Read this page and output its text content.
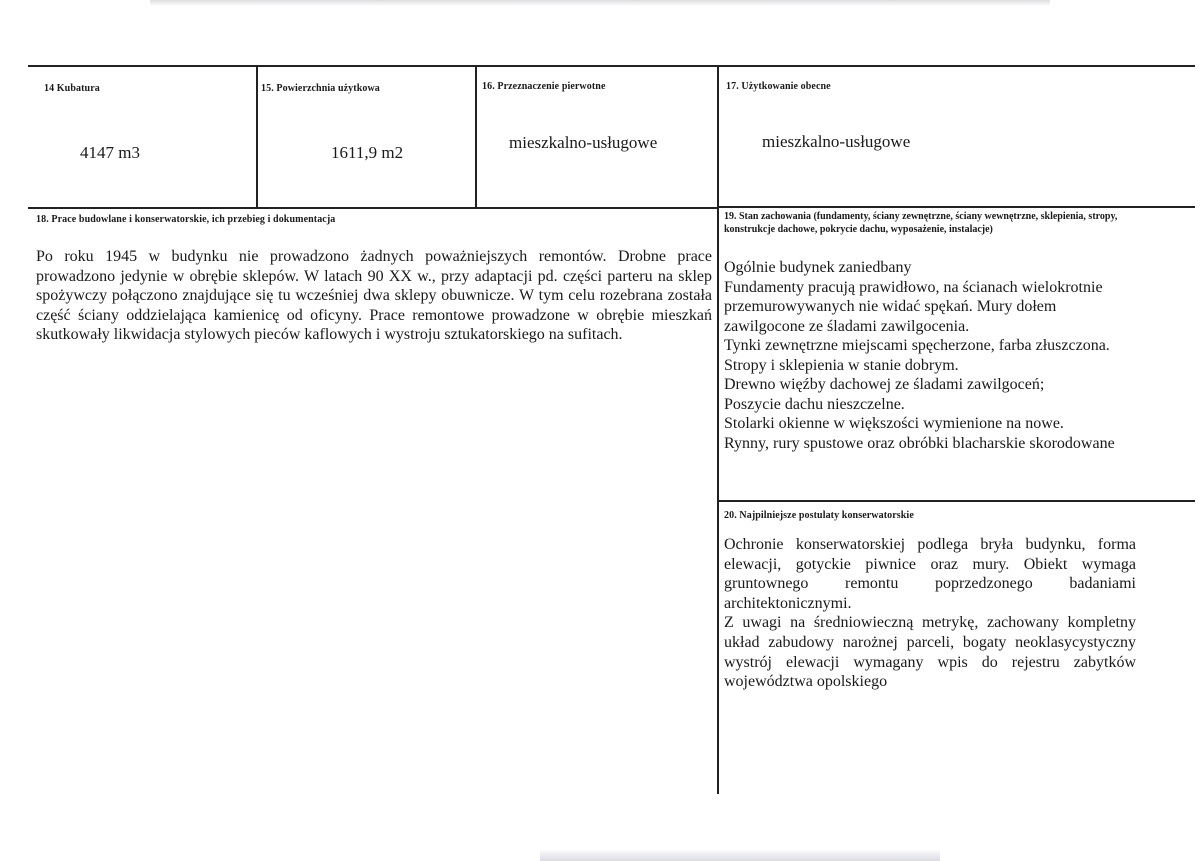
14 Kubatura
4147 m3
15. Powierzchnia użytkowa
1611,9 m2
16. Przeznaczenie pierwotne
mieszkalno-usługowe
17. Użytkowanie obecne
mieszkalno-usługowe
18. Prace budowlane i konserwatorskie, ich przebieg i dokumentacja
Po roku 1945 w budynku nie prowadzono żadnych poważniejszych remontów. Drobne prace prowadzono jedynie w obrębie sklepów. W latach 90 XX w., przy adaptacji pd. części parteru na sklep spożywczy połączono znajdujące się tu wcześniej dwa sklepy obuwnicze. W tym celu rozebrana została część ściany oddzielająca kamienicę od oficyny. Prace remontowe prowadzone w obrębie mieszkań skutkowały likwidacja stylowych pieców kaflowych i wystroju sztukatorskiego na sufitach.
19. Stan zachowania (fundamenty, ściany zewnętrzne, ściany wewnętrzne, sklepienia, stropy, konstrukcje dachowe, pokrycie dachu, wyposażenie, instalacje)
Ogólnie budynek zaniedbany
Fundamenty pracują prawidłowo, na ścianach wielokrotnie
przemurowywanych nie widać spękań. Mury dołem
zawilgocone ze śladami zawilgocenia.
Tynki zewnętrzne miejscami spęcherzone, farba złuszczona.
Stropy i sklepienia w stanie dobrym.
Drewno więźby dachowej ze śladami zawilgoceń;
Poszycie dachu nieszczelne.
Stolarki okienne w większości wymienione na nowe.
Rynny, rury spustowe oraz obróbki blacharskie skorodowane
20. Najpilniejsze postulaty konserwatorskie

Ochronie konserwatorskiej podlega bryła budynku, forma elewacji, gotyckie piwnice oraz mury. Obiekt wymaga gruntownego remontu poprzedzonego badaniami architektonicznymi.

Z uwagi na średniowieczną metrykę, zachowany kompletny układ zabudowy narożnej parceli, bogaty neoklasycystyczny wystrój elewacji wymagany wpis do rejestru zabytków województwa opolskiego
